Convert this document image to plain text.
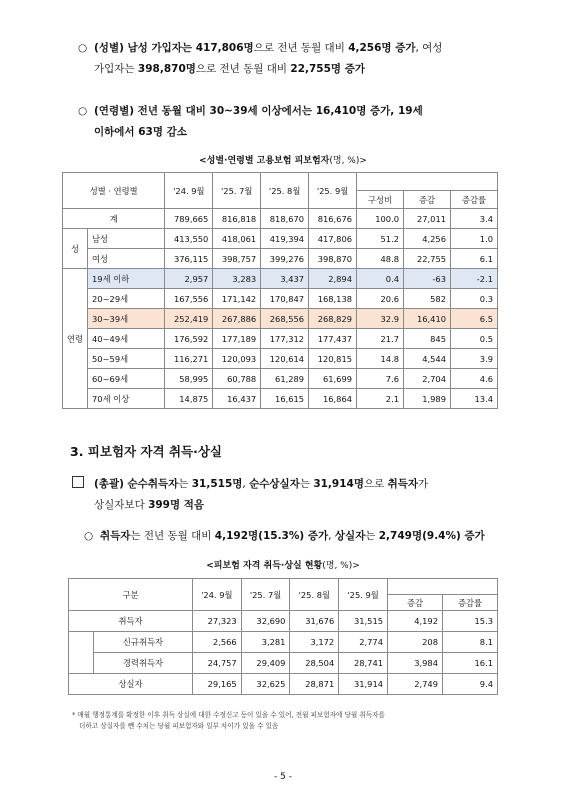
○ (성별) 남성 가입자는 417,806명으로 전년 동월 대비 4,256명 증가, 여성
가입자는 398,870명으로 전년 동월 대비 22,755명 증가
○ (연령별) 전년 동월 대비 30~39세 이상에서는 16,410명 증가, 19세
이하에서 63명 감소
<성별·연령별 고용보험 피보험자(명, %)>
성별 · 연령별		'24. 9월	'25. 7월	'25. 8월	'25. 9월			
						구성비	증감	증감률
계		789,665	816,818	818,670	816,676	100.0	27,011	3.4
성	남성	413,550	418,061	419,394	417,806	51.2	4,256	1.0
	여성	376,115	398,757	399,276	398,870	48.8	22,755	6.1
연령	19세 이하	2,957	3,283	3,437	2,894	0.4	-63	-2.1
	20~29세	167,556	171,142	170,847	168,138	20.6	582	0.3
	30~39세	252,419	267,886	268,556	268,829	32.9	16,410	6.5
	40~49세	176,592	177,189	177,312	177,437	21.7	845	0.5
	50~59세	116,271	120,093	120,614	120,815	14.8	4,544	3.9
	60~69세	58,995	60,788	61,289	61,699	7.6	2,704	4.6
	70세 이상	14,875	16,437	16,615	16,864	2.1	1,989	13.4
3. 피보험자 자격 취득·상실
(총괄) 순수취득자는 31,515명, 순수상실자는 31,914명으로 취득자가
상실자보다 399명 적음
○ 취득자는 전년 동월 대비 4,192명(15.3%) 증가, 상실자는 2,749명(9.4%) 증가
<피보험 자격 취득·상실 현황(명, %)>
구분		'24. 9월	'25. 7월	'25. 8월	'25. 9월		
						증감	증감률
취득자		27,323	32,690	31,676	31,515	4,192	15.3
	신규취득자	2,566	3,281	3,172	2,774	208	8.1
	경력취득자	24,757	29,409	28,504	28,741	3,984	16.1
상실자		29,165	32,625	28,871	31,914	2,749	9.4
* 매월 행정통계를 확정한 이후 취득 상실에 대한 수정신고 등이 있을 수 있어, 전월 피보험자에 당월 취득자를
더하고 상실자를 뺀 수치는 당월 피보험자와 일부 차이가 있을 수 있음
- 5 -
